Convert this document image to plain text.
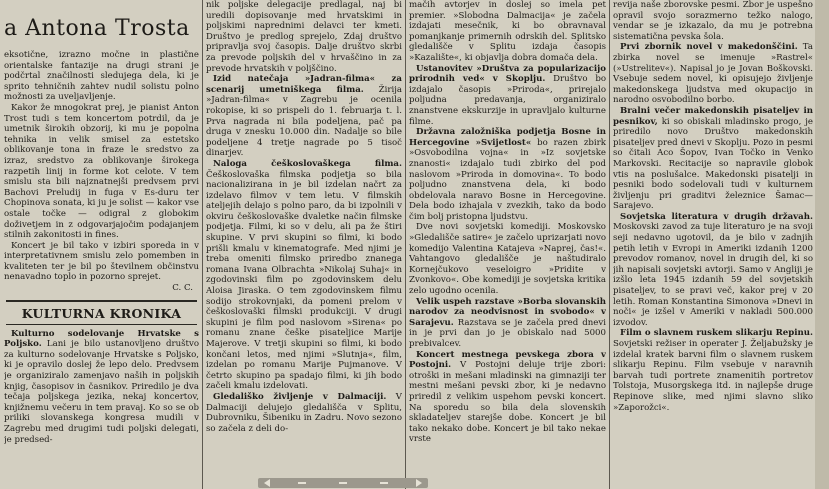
a Antona Trosta

eksotične, izrazno močne in plastične orientalske fantazije na drugi strani je podčrtal značilnosti sledujega dela, ki je sprito tehničnih zahtev nudil solistu polno možnosti za uveljavljenje.

Kakor že mnogokrat prej, je pianist Anton Trost tudi s tem koncertom potrdil, da je umetnik širokih obzorij, ki mu je popolna tehnika in velik smisel za estetsko oblikovanje tona in fraze le sredstvo za izraz, sredstvo za oblikovanje širokega razpetih linij in forme kot celote. V tem smislu sta bili najznatnejši predvsem prvi Bachovi Preludij in fuga v Es-duru ter Chopinova sonata, ki ju je solist — kakor vse ostale točke — odigral z globokim doživetjem in z odgovarjajočim podajanjem stilnih zakonitosti in fines.

Koncert je bil tako v izbiri sporeda in v interpretativnem smislu zelo pomemben in kvaliteten ter je bil po številnem občinstvu nenavadno toplo in pozorno sprejet.

C. C.
KULTURNA KRONIKA

Kulturno sodelovanje Hrvatske s Poljsko. Lani je bilo ustanovljeno društvo za kulturno sodelovanje Hrvatske s Poljsko, ki je opravilo doslej že lepo delo. Predvsem je organiziralo zamenjavo naših in poljskih knjig, časopisov in časnikov. Priredilo je dva tečaja poljskega jezika, nekaj koncertov, knjižnemu večeru in tem pravaj. Ko so se ob priliki slovanskega kongresa mudili v Zagrebu med drugimi tudi poljski delegati, je predsed-

nik poljske delegacije predlagal, naj bi uredili dopisovanje med hrvatskimi in poljskimi naprednimi delavci ter kmeti. Društvo je predlog sprejelo, Zdaj društvo pripravlja svoj časopis. Dalje društvo skrbi za prevode poljskih del v hrvaščino in za prevode hrvatskih v poljščino.

Izid natečaja »Jadran-filma« za scenarij umetniškega filma. Žirija »Jadran-filma« v Zagrebu je ocenila rokopise, ki so prispeli do 1. februarja t. l. Prva nagrada ni bila podeljena, pač pa druga v znesku 10.000 din. Nadalje so bile podeljene 4 tretje nagrade po 5 tisoč dinarjev.

Naloga češkoslovaškega filma. Češkoslovaška filmska podjetja so bila nacionalizirana in je bil izdelan načrt za izdelavo filmov v tem letu. V filmskih ateljejih delajo s polno paro, da bi izpolnili v okviru češkoslovaške dvaletke način filmske podjetja. Filmi, ki so v delu, ali pa že štiri skupine. V prvi skupini so filmi, ki bodo prišli kmalu v kinematografe. Med njimi je treba omeniti filmsko priredbo znanega romana Ivana Olbrachta »Nikolaj Suhaj« in zgodovinski film po zgodovinskem delu Aloisa Jiraska. O tem zgodovinskem filmu sodijo strokovnjaki, da pomeni prelom v češkoslovaški filmski produkciji. V drugi skupini je film pod naslovom »Sirena« po romanu znane češke pisateljice Marije Majerove. V tretji skupini so filmi, ki bodo končani letos, med njimi »Slutnja«, film, izdelan po romanu Marije Pujmanove. V četrto skupino pa spadajo filmi, ki jih bodo začeli kmalu izdelovati.

Gledališko življenje v Dalmaciji. V Dalmaciji delujejo gledališča v Splitu, Dubrovniku, Šibeniku in Zadru. Novo sezono so začela z deli do-

mačih avtorjev in doslej so imela pet premier. »Slobodna Dalmacija« je začela izdajati mesečnik, ki bo obravnaval pomanjkanje primernih odrskih del. Splitsko gledališče v Splitu izdaja časopis »Kazalište«, ki objavlja dobra domača dela.

Ustanovitev »Društva za popularizacijo prirodnih ved« v Skoplju. Društvo bo izdajalo časopis »Priroda«, prirejalo poljudna predavanja, organiziralo znanstvene ekskurzije in upravljalo kulturne filme.

Državna založniška podjetja Bosne in Hercegovine »Svijetlost« bo razen zbirk »Osvobodilna vojna« in »Iz sovjetske znanosti« izdajalo tudi zbirko del pod naslovom »Priroda in domovina«. To bodo poljudno znanstvena dela, ki bodo obdelovala naravo Bosne in Hercegovine. Dela bodo izhajala v zvezkih, tako da bodo čim bolj pristopna ljudstvu.

Dve novi sovjetski komediji. Moskovsko »Gledališče satire« je začelo uprizarjati novo komedijo Valentina Katajeva »Naprej, čas!«. Vahtangovo gledališče je naštudiralo Kornejčukovo veseloigro »Pridite v Zvonkovo«. Obe komediji je sovjetska kritika zelo ugodno ocenila.

Velik uspeh razstave »Borba slovanskih narodov za neodvisnost in svobodo« v Sarajevu. Razstava se je začela pred dnevi in je prvi dan jo je obiskalo nad 5000 prebivalcev.

Koncert mestnega pevskega zbora v Postojni. V Postojni deluje trije zbori: otroški in mešani mladinski na gimnaziji ter mestni mešani pevski zbor, ki je nedavno priredil z velikim uspehom pevski koncert. Na sporedu so bila dela slovenskih skladateljev starejše dobe. Koncert je bil tako nekako dobe. Koncert je bil tako nekae vrste

revija naše zborovske pesmi. Zbor je uspešno opravil svojo sorazmerno težko nalogo, vendar se je izkazalo, da mu je potrebna sistematična pevska šola.

Prvi zbornik novel v makedonščini. Ta zbirka novel se imenuje »Rastrel« (»Ustrelitev«). Napisal jo je Jovan Boškovski. Vsebuje sedem novel, ki opisujejo življenje makedonskega ljudstva med okupacijo in narodno osvobodilno borbo.

Bralni večer makedonskih pisateljev in pesnikov, ki so obiskali mladinsko progo, je priredilo novo Društvo makedonskih pisateljev pred dnevi v Skoplju. Pozo in pesmi so čitali Aco Šopov, Ivan Točko in Venko Markovski. Recitacije so napravile globok vtis na poslušalce. Makedonski pisatelji in pesniki bodo sodelovali tudi v kulturnem življenju pri graditvi železnice Šamac—Sarajevo.

Sovjetska literatura v drugih državah. Moskovski zavod za tuje literaturo je na svoji seji nedavno ugotovil, da je bilo v zadnjih petih letih v Evropi in Ameriki izdanih 1200 prevodov romanov, novel in drugih del, ki so jih napisali sovjetski avtorji. Samo v Angliji je izšlo leta 1945 izdanih 59 del sovjetskih pisateljev, to se pravi več, kakor prej v 20 letih. Roman Konstantina Simonova »Dnevi in noči« je izšel v Ameriki v nakladi 500.000 izvodov.

Film o slavnem ruskem slikarju Repinu. Sovjetski režiser in operater J. Željabužsky je izdelal kratek barvni film o slavnem ruskem slikarju Repinu. Film vsebuje v naravnih barvah tudi portrete znamenitih portretov Tolstoja, Musorgskega itd. in najlepše druge Repinove slike, med njimi slavno sliko »Zaporožci«.
